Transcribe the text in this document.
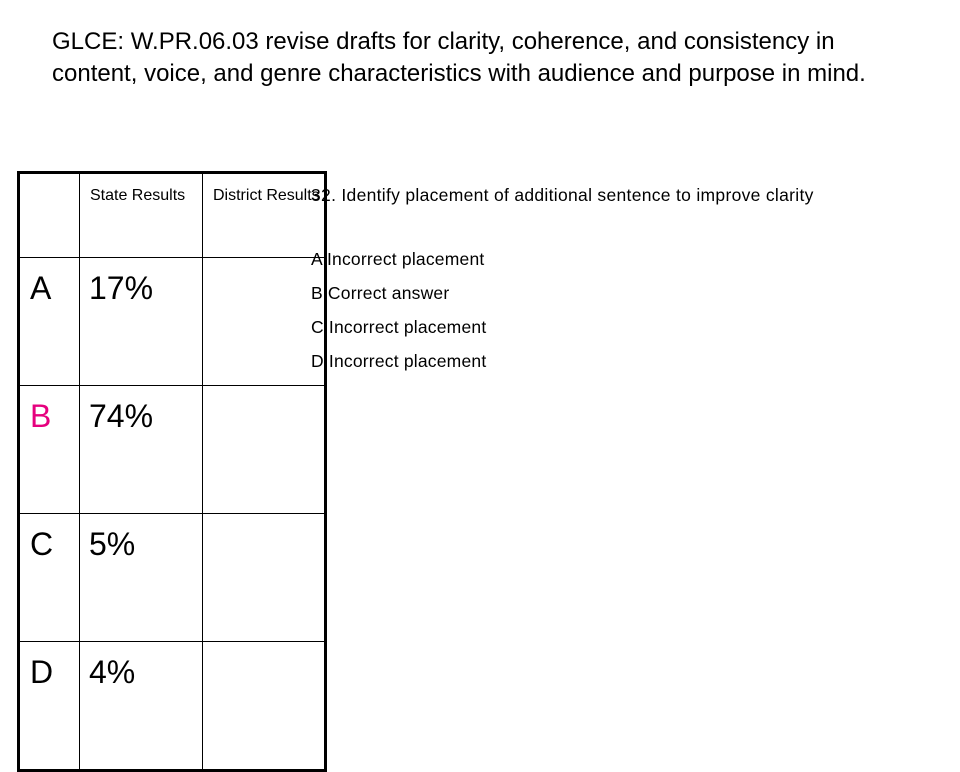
GLCE: W.PR.06.03 revise drafts for clarity, coherence, and consistency in content, voice, and genre characteristics with audience and purpose in mind.
	State Results	District Results
A	17%	
B	74%	
C	5%	
D	4%	

32. Identify placement of additional sentence to improve clarity

A Incorrect placement
B Correct answer
C Incorrect placement
D Incorrect placement
